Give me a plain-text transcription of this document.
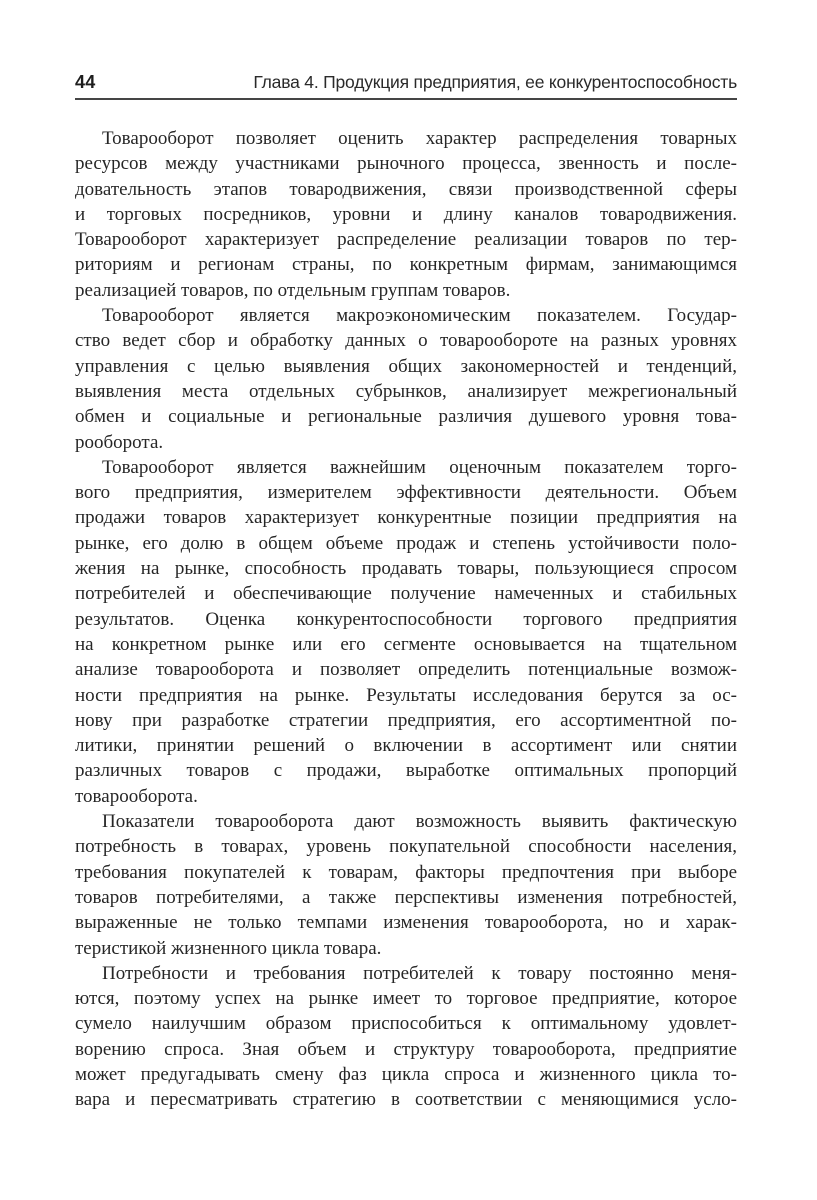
44	Глава 4. Продукция предприятия, ее конкурентоспособность

Товарооборот позволяет оценить характер распределения товарных
ресурсов между участниками рыночного процесса, звенность и после-
довательность этапов товародвижения, связи производственной сферы
и торговых посредников, уровни и длину каналов товародвижения.
Товарооборот характеризует распределение реализации товаров по тер-
риториям и регионам страны, по конкретным фирмам, занимающимся
реализацией товаров, по отдельным группам товаров.

Товарооборот является макроэкономическим показателем. Государ-
ство ведет сбор и обработку данных о товарообороте на разных уровнях
управления с целью выявления общих закономерностей и тенденций,
выявления места отдельных субрынков, анализирует межрегиональный
обмен и социальные и региональные различия душевого уровня това-
рооборота.

Товарооборот является важнейшим оценочным показателем торго-
вого предприятия, измерителем эффективности деятельности. Объем
продажи товаров характеризует конкурентные позиции предприятия на
рынке, его долю в общем объеме продаж и степень устойчивости поло-
жения на рынке, способность продавать товары, пользующиеся спросом
потребителей и обеспечивающие получение намеченных и стабильных
результатов. Оценка конкурентоспособности торгового предприятия
на конкретном рынке или его сегменте основывается на тщательном
анализе товарооборота и позволяет определить потенциальные возмож-
ности предприятия на рынке. Результаты исследования берутся за ос-
нову при разработке стратегии предприятия, его ассортиментной по-
литики, принятии решений о включении в ассортимент или снятии
различных товаров с продажи, выработке оптимальных пропорций
товарооборота.

Показатели товарооборота дают возможность выявить фактическую
потребность в товарах, уровень покупательной способности населения,
требования покупателей к товарам, факторы предпочтения при выборе
товаров потребителями, а также перспективы изменения потребностей,
выраженные не только темпами изменения товарооборота, но и харак-
теристикой жизненного цикла товара.

Потребности и требования потребителей к товару постоянно меня-
ются, поэтому успех на рынке имеет то торговое предприятие, которое
сумело наилучшим образом приспособиться к оптимальному удовлет-
ворению спроса. Зная объем и структуру товарооборота, предприятие
может предугадывать смену фаз цикла спроса и жизненного цикла то-
вара и пересматривать стратегию в соответствии с меняющимися усло-
